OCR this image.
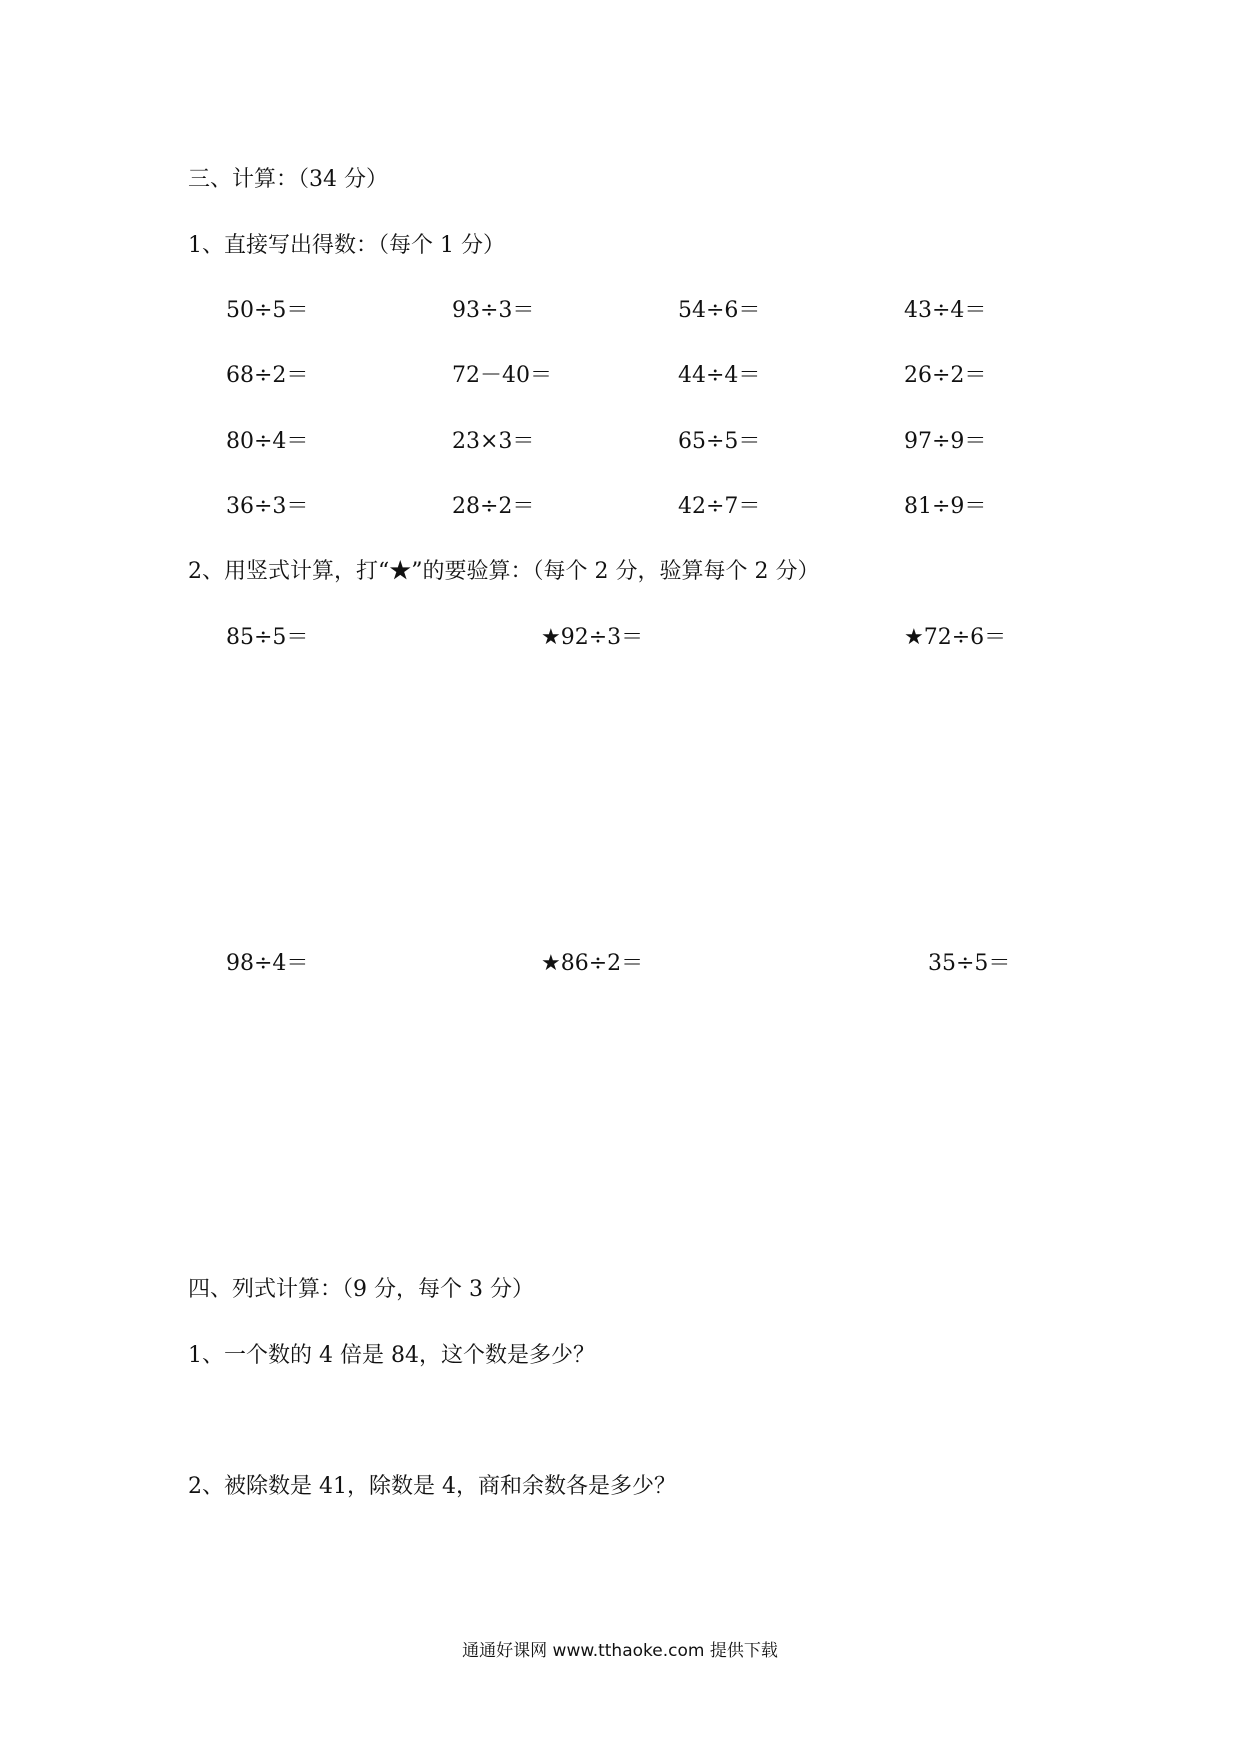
三、计算：（34 分）
1、直接写出得数：（每个 1 分）
50÷5＝	93÷3＝	54÷6＝	43÷4＝
68÷2＝	72－40＝	44÷4＝	26÷2＝
80÷4＝	23×3＝	65÷5＝	97÷9＝
36÷3＝	28÷2＝	42÷7＝	81÷9＝
2、用竖式计算，打“★”的要验算：（每个 2 分，验算每个 2 分）
85÷5＝	★92÷3＝	★72÷6＝
98÷4＝	★86÷2＝	35÷5＝
四、列式计算：（9 分，每个 3 分）
1、一个数的 4 倍是 84，这个数是多少？
2、被除数是 41，除数是 4，商和余数各是多少？
通通好课网 www.tthaoke.com 提供下载
